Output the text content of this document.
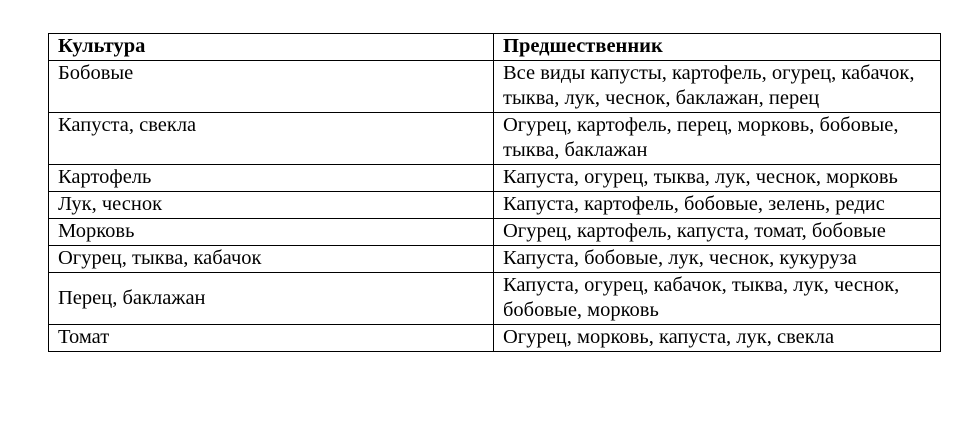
Культура	Предшественник
Бобовые	Все виды капусты, картофель, огурец, кабачок, тыква, лук, чеснок, баклажан, перец
Капуста, свекла	Огурец, картофель, перец, морковь, бобовые, тыква, баклажан
Картофель	Капуста, огурец, тыква, лук, чеснок, морковь
Лук, чеснок	Капуста, картофель, бобовые, зелень, редис
Морковь	Огурец, картофель, капуста, томат, бобовые
Огурец, тыква, кабачок	Капуста, бобовые, лук, чеснок, кукуруза
Перец, баклажан	Капуста, огурец, кабачок, тыква, лук, чеснок, бобовые, морковь
Томат	Огурец, морковь, капуста, лук, свекла
